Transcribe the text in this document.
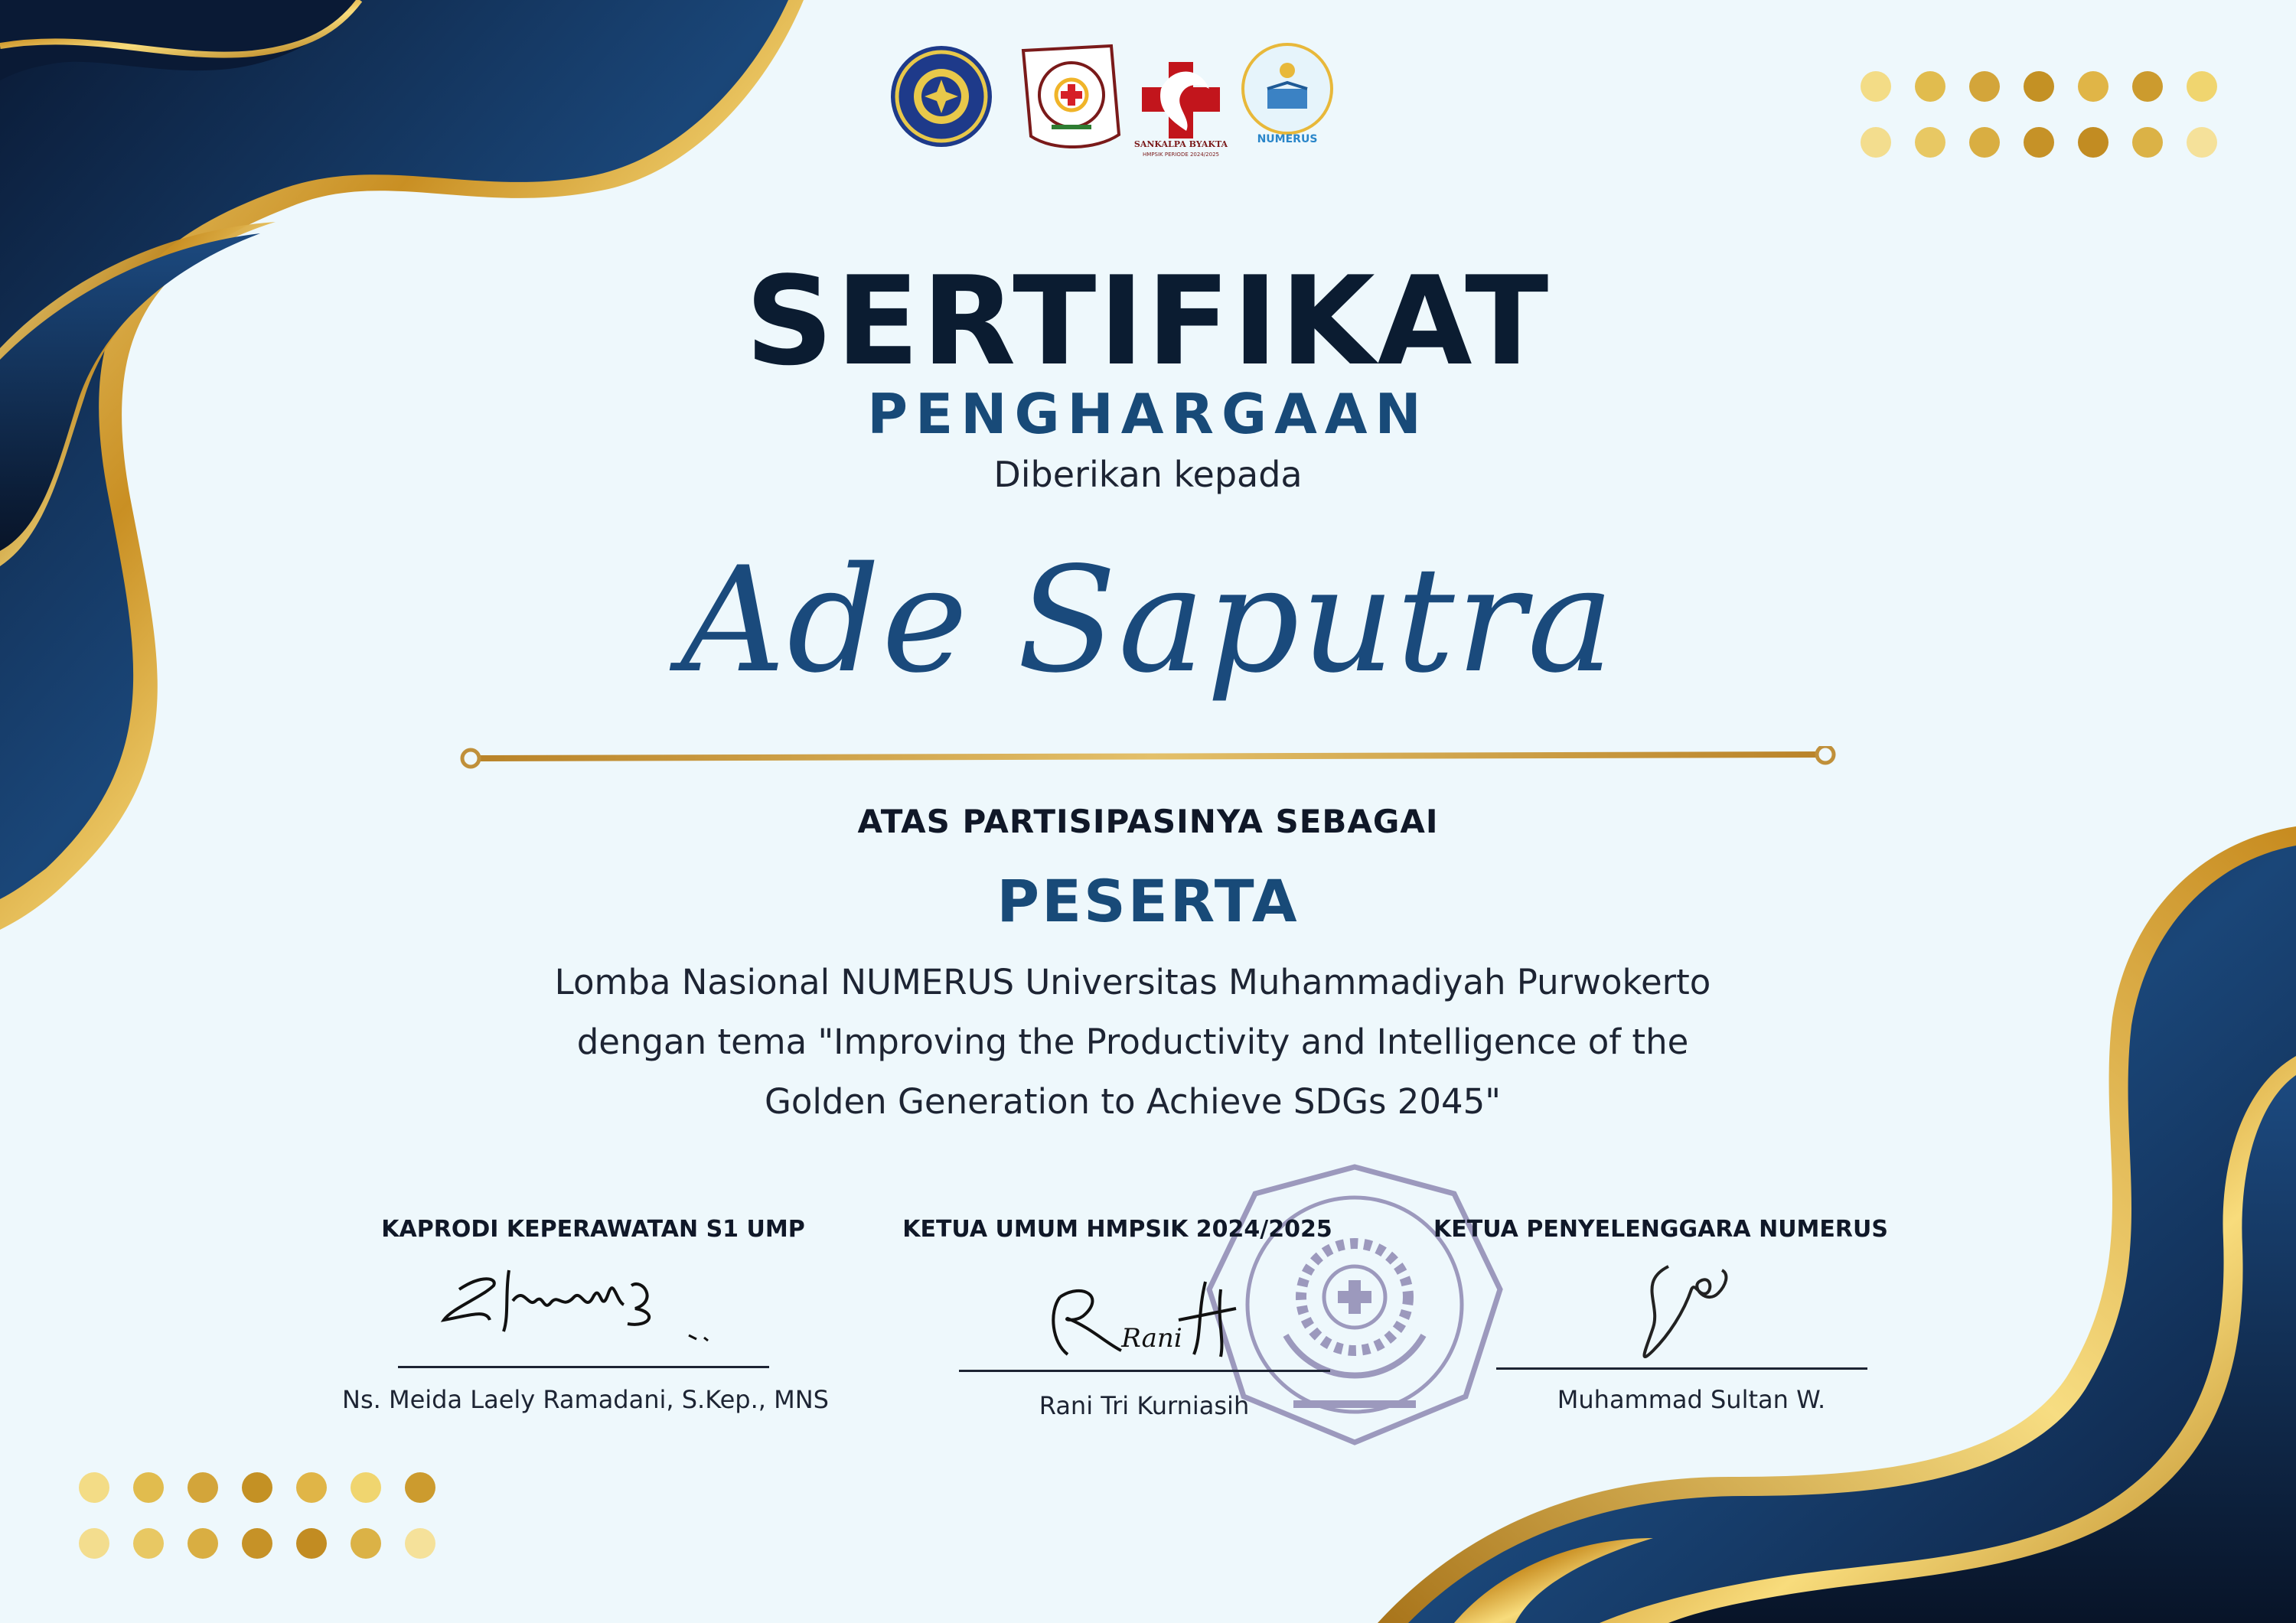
SANKALPA BYAKTA
HMPSIK PERIODE 2024/2025
NUMERUS
SERTIFIKAT
PENGHARGAAN
Diberikan kepada
Ade Saputra
ATAS PARTISIPASINYA SEBAGAI
PESERTA
Lomba Nasional NUMERUS Universitas Muhammadiyah Purwokerto
dengan tema "Improving the Productivity and Intelligence of the
Golden Generation to Achieve SDGs 2045"
KAPRODI KEPERAWATAN S1 UMP	KETUA UMUM HMPSIK 2024/2025	KETUA PENYELENGGARA NUMERUS
Rani
Ns. Meida Laely Ramadani, S.Kep., MNS	Rani Tri Kurniasih	Muhammad Sultan W.
